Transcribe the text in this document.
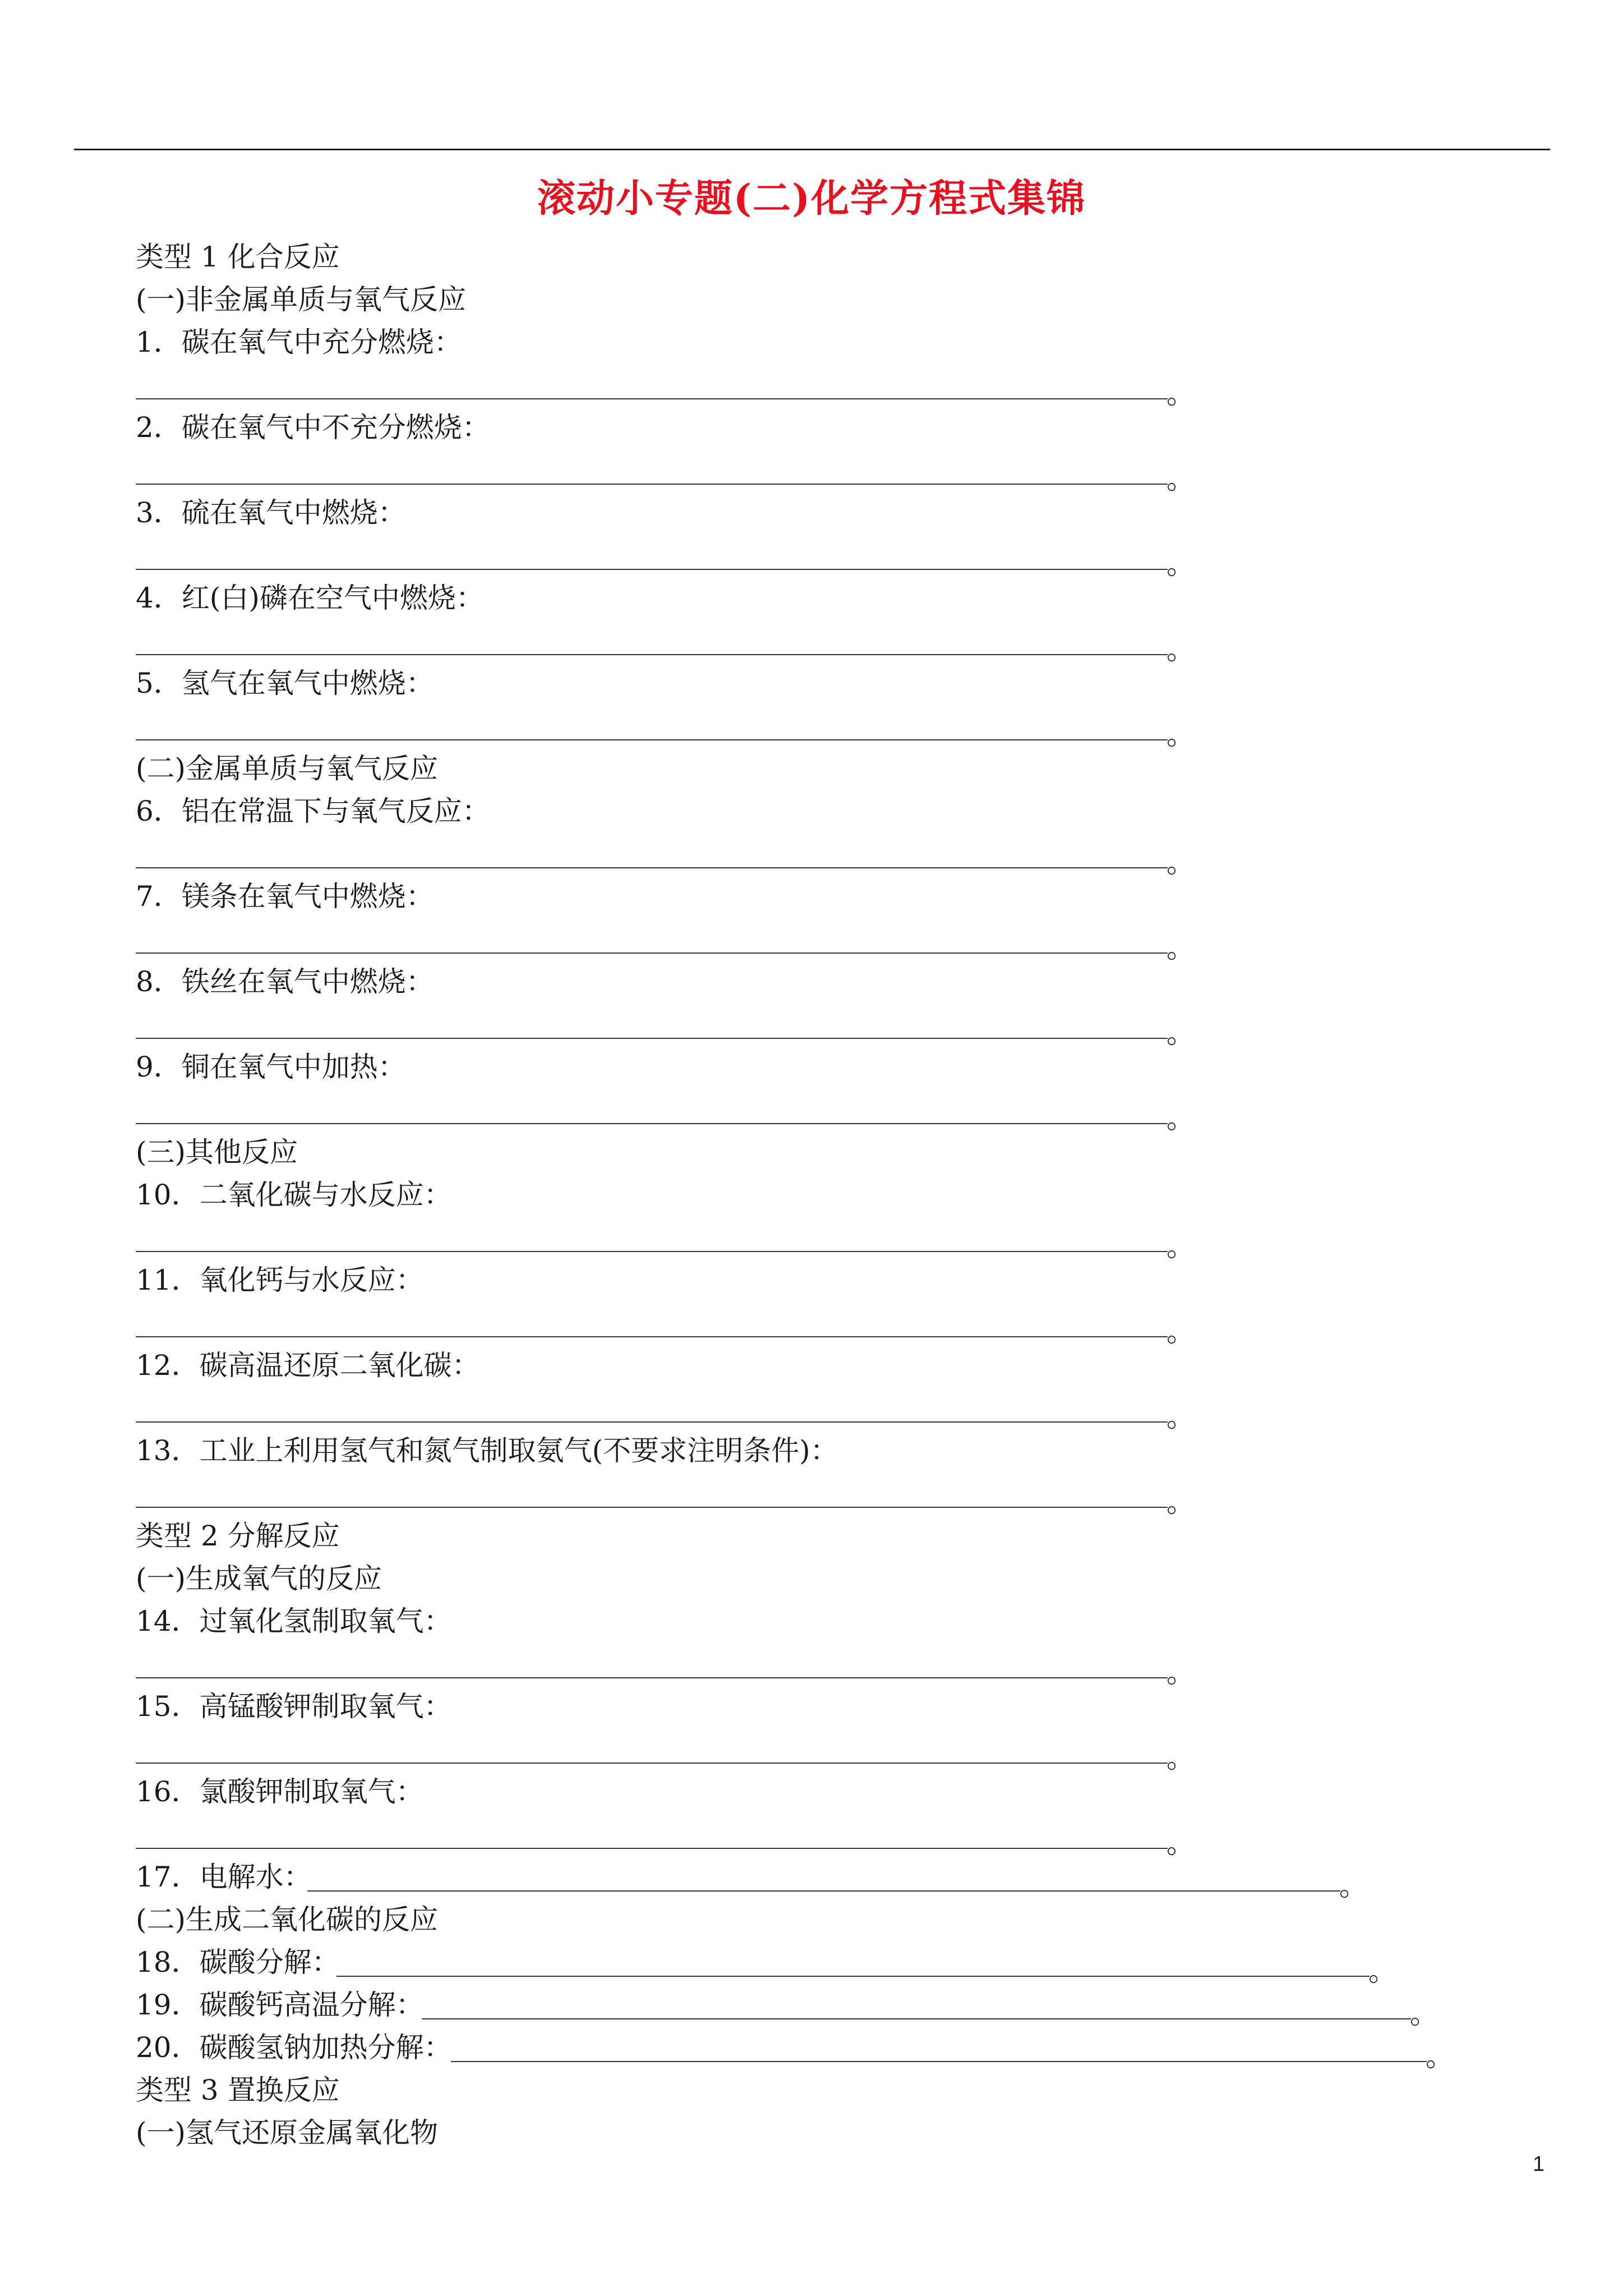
滚动小专题(二)化学方程式集锦
类型 1 化合反应
(一)非金属单质与氧气反应
1．碳在氧气中充分燃烧：
。
2．碳在氧气中不充分燃烧：
。
3．硫在氧气中燃烧：
。
4．红(白)磷在空气中燃烧：
。
5．氢气在氧气中燃烧：
。
(二)金属单质与氧气反应
6．铝在常温下与氧气反应：
。
7．镁条在氧气中燃烧：
。
8．铁丝在氧气中燃烧：
。
9．铜在氧气中加热：
。
(三)其他反应
10．二氧化碳与水反应：
。
11．氧化钙与水反应：
。
12．碳高温还原二氧化碳：
。
13．工业上利用氢气和氮气制取氨气(不要求注明条件)：
。
类型 2 分解反应
(一)生成氧气的反应
14．过氧化氢制取氧气：
。
15．高锰酸钾制取氧气：
。
16．氯酸钾制取氧气：
。
17．电解水：	。
(二)生成二氧化碳的反应
18．碳酸分解：	。
19．碳酸钙高温分解：	。
20．碳酸氢钠加热分解：	。
类型 3 置换反应
(一)氢气还原金属氧化物
1
